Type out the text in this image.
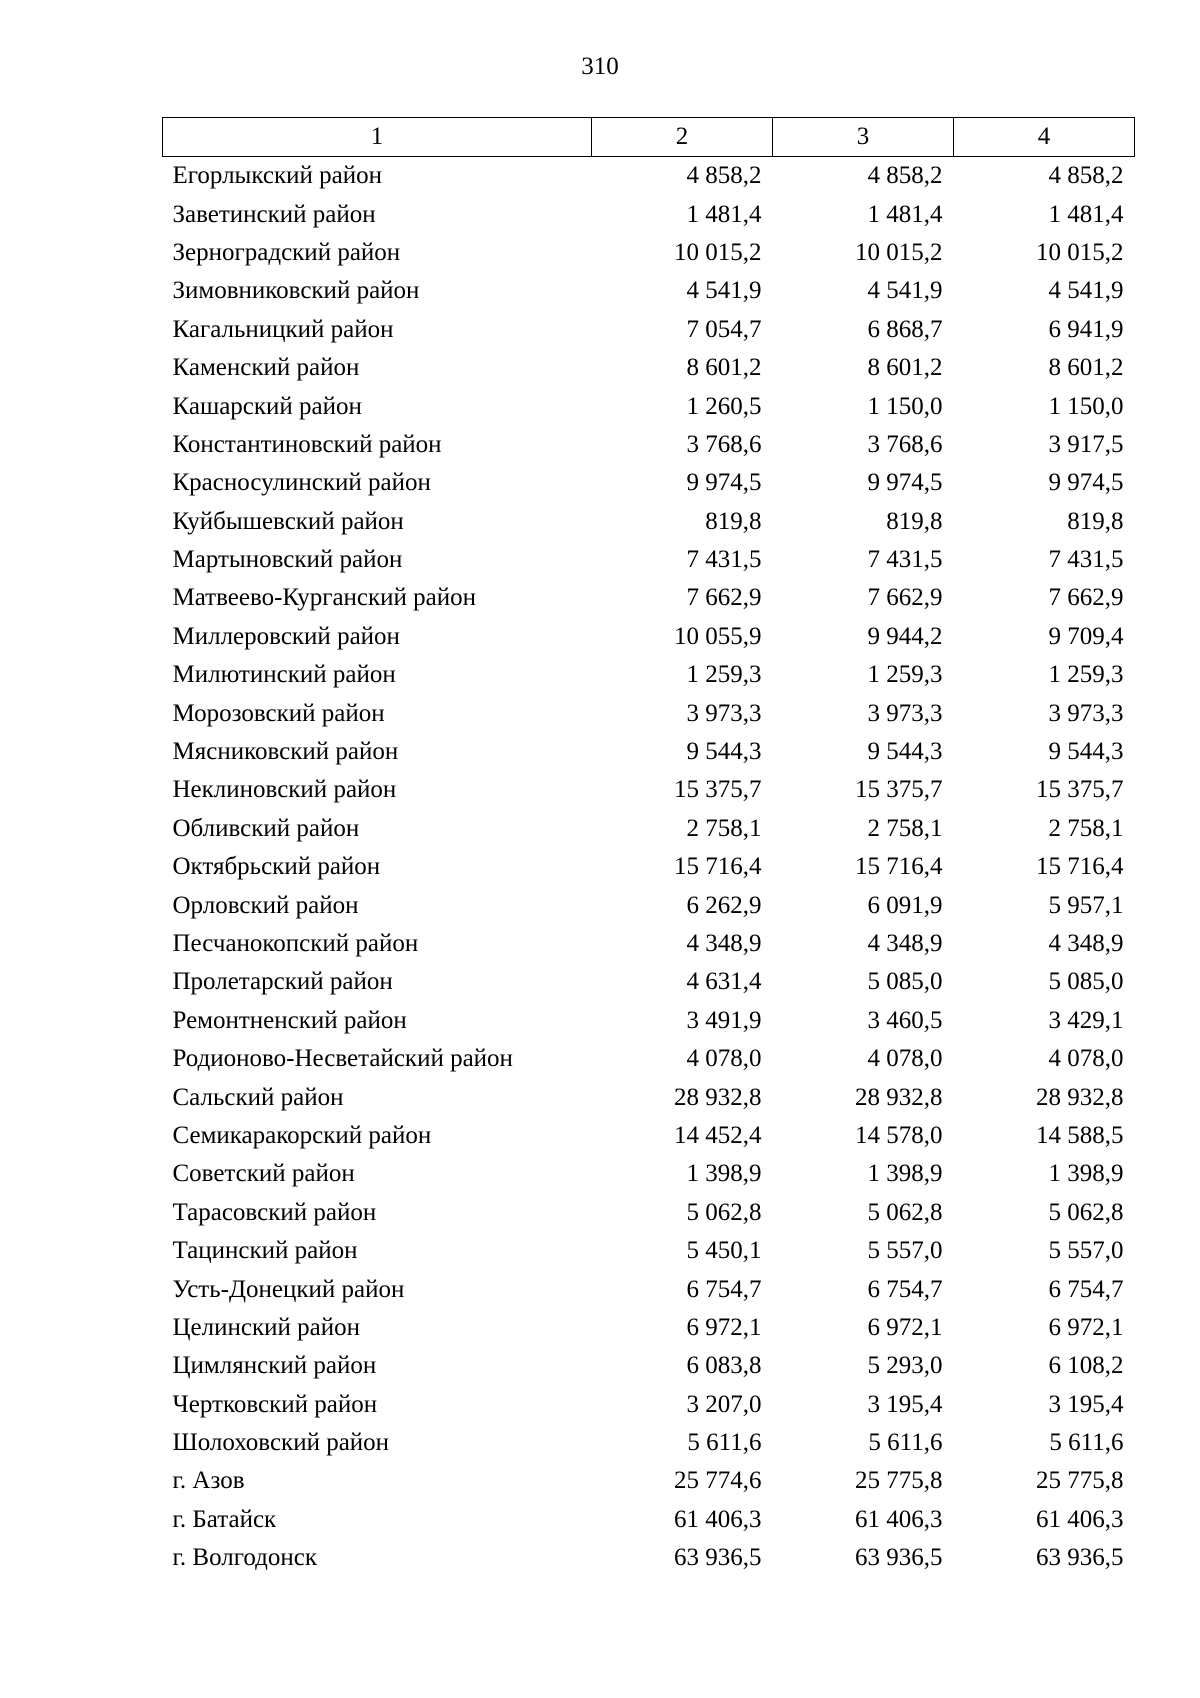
310
1	2	3	4
Егорлыкский район	4 858,2	4 858,2	4 858,2
Заветинский район	1 481,4	1 481,4	1 481,4
Зерноградский район	10 015,2	10 015,2	10 015,2
Зимовниковский район	4 541,9	4 541,9	4 541,9
Кагальницкий район	7 054,7	6 868,7	6 941,9
Каменский район	8 601,2	8 601,2	8 601,2
Кашарский район	1 260,5	1 150,0	1 150,0
Константиновский район	3 768,6	3 768,6	3 917,5
Красносулинский район	9 974,5	9 974,5	9 974,5
Куйбышевский район	819,8	819,8	819,8
Мартыновский район	7 431,5	7 431,5	7 431,5
Матвеево-Курганский район	7 662,9	7 662,9	7 662,9
Миллеровский район	10 055,9	9 944,2	9 709,4
Милютинский район	1 259,3	1 259,3	1 259,3
Морозовский район	3 973,3	3 973,3	3 973,3
Мясниковский район	9 544,3	9 544,3	9 544,3
Неклиновский район	15 375,7	15 375,7	15 375,7
Обливский район	2 758,1	2 758,1	2 758,1
Октябрьский район	15 716,4	15 716,4	15 716,4
Орловский район	6 262,9	6 091,9	5 957,1
Песчанокопский район	4 348,9	4 348,9	4 348,9
Пролетарский район	4 631,4	5 085,0	5 085,0
Ремонтненский район	3 491,9	3 460,5	3 429,1
Родионово-Несветайский район	4 078,0	4 078,0	4 078,0
Сальский район	28 932,8	28 932,8	28 932,8
Семикаракорский район	14 452,4	14 578,0	14 588,5
Советский район	1 398,9	1 398,9	1 398,9
Тарасовский район	5 062,8	5 062,8	5 062,8
Тацинский район	5 450,1	5 557,0	5 557,0
Усть-Донецкий район	6 754,7	6 754,7	6 754,7
Целинский район	6 972,1	6 972,1	6 972,1
Цимлянский район	6 083,8	5 293,0	6 108,2
Чертковский район	3 207,0	3 195,4	3 195,4
Шолоховский район	5 611,6	5 611,6	5 611,6
г. Азов	25 774,6	25 775,8	25 775,8
г. Батайск	61 406,3	61 406,3	61 406,3
г. Волгодонск	63 936,5	63 936,5	63 936,5
